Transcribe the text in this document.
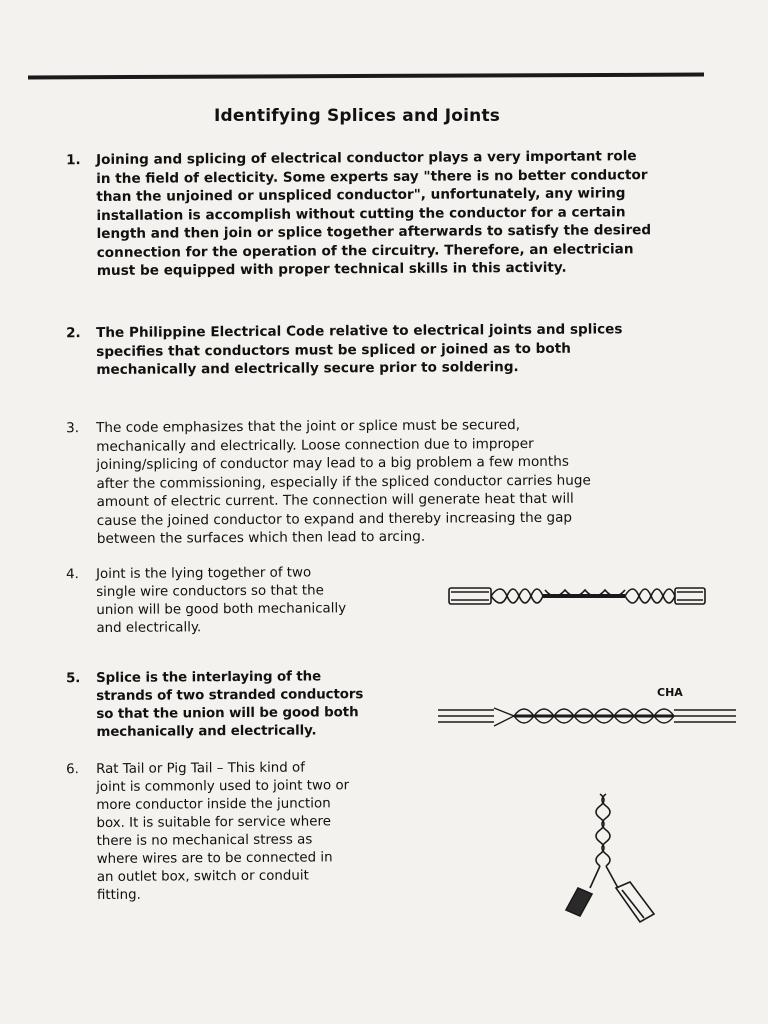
Identifying Splices and Joints
1. Joining and splicing of electrical conductor plays a very important role
in the field of electicity. Some experts say "there is no better conductor
than the unjoined or unspliced conductor", unfortunately, any wiring
installation is accomplish without cutting the conductor for a certain
length and then join or splice together afterwards to satisfy the desired
connection for the operation of the circuitry. Therefore, an electrician
must be equipped with proper technical skills in this activity.
2. The Philippine Electrical Code relative to electrical joints and splices
specifies that conductors must be spliced or joined as to both
mechanically and electrically secure prior to soldering.
3. The code emphasizes that the joint or splice must be secured,
mechanically and electrically. Loose connection due to improper
joining/splicing of conductor may lead to a big problem a few months
after the commissioning, especially if the spliced conductor carries huge
amount of electric current. The connection will generate heat that will
cause the joined conductor to expand and thereby increasing the gap
between the surfaces which then lead to arcing.
4. Joint is the lying together of two
single wire conductors so that the
union will be good both mechanically
and electrically.
5. Splice is the interlaying of the
strands of two stranded conductors
so that the union will be good both
mechanically and electrically.
6. Rat Tail or Pig Tail – This kind of
joint is commonly used to joint two or
more conductor inside the junction
box. It is suitable for service where
there is no mechanical stress as
where wires are to be connected in
an outlet box, switch or conduit
fitting.
CHA
